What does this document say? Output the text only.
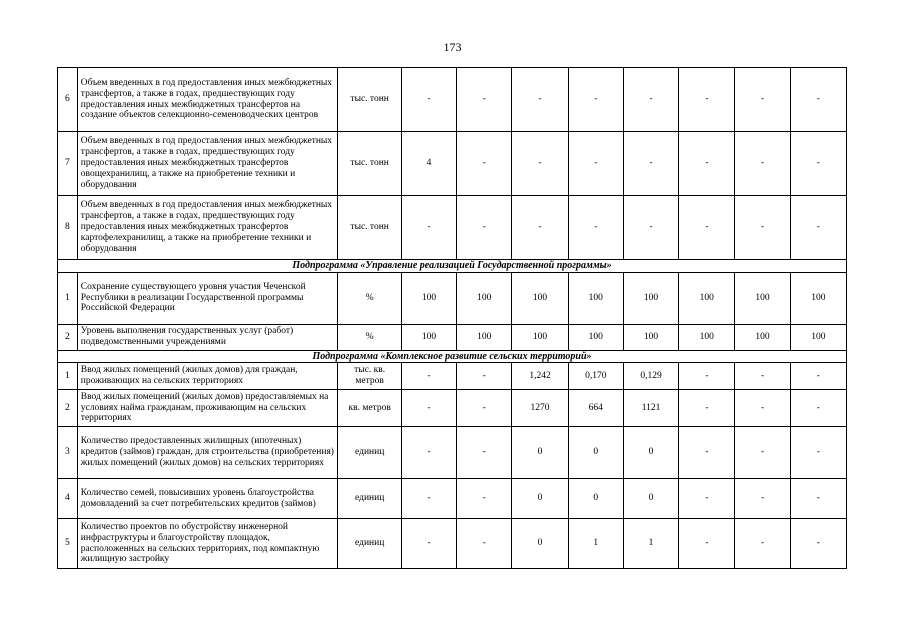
173
6	Объем введенных в год предоставления иных межбюджетных трансфертов, а также в годах, предшествующих году предоставления иных межбюджетных трансфертов на создание объектов селекционно-семеноводческих центров	тыс. тонн	-	-	-	-	-	-	-	-
7	Объем введенных в год предоставления иных межбюджетных трансфертов, а также в годах, предшествующих году предоставления иных межбюджетных трансфертов овощехранилищ, а также на приобретение техники и оборудования	тыс. тонн	4	-	-	-	-	-	-	-
8	Объем введенных в год предоставления иных межбюджетных трансфертов, а также в годах, предшествующих году предоставления иных межбюджетных трансфертов картофелехранилищ, а также на приобретение техники и оборудования	тыс. тонн	-	-	-	-	-	-	-	-
Подпрограмма «Управление реализацией Государственной программы»										
1	Сохранение существующего уровня участия Чеченской Республики в реализации Государственной программы Российской Федерации	%	100	100	100	100	100	100	100	100
2	Уровень выполнения государственных услуг (работ) подведомственными учреждениями	%	100	100	100	100	100	100	100	100
Подпрограмма «Комплексное развитие сельских территорий»										
1	Ввод жилых помещений (жилых домов) для граждан, проживающих на сельских территориях	тыс. кв. метров	-	-	1,242	0,170	0,129	-	-	-
2	Ввод жилых помещений (жилых домов) предоставляемых на условиях найма гражданам, проживающим на сельских территориях	кв. метров	-	-	1270	664	1121	-	-	-
3	Количество предоставленных жилищных (ипотечных) кредитов (займов) граждан, для строительства (приобретения) жилых помещений (жилых домов) на сельских территориях	единиц	-	-	0	0	0	-	-	-
4	Количество семей, повысивших уровень благоустройства домовладений за счет потребительских кредитов (займов)	единиц	-	-	0	0	0	-	-	-
5	Количество проектов по обустройству инженерной инфраструктуры и благоустройству площадок, расположенных на сельских территориях, под компактную жилищную застройку	единиц	-	-	0	1	1	-	-	-
